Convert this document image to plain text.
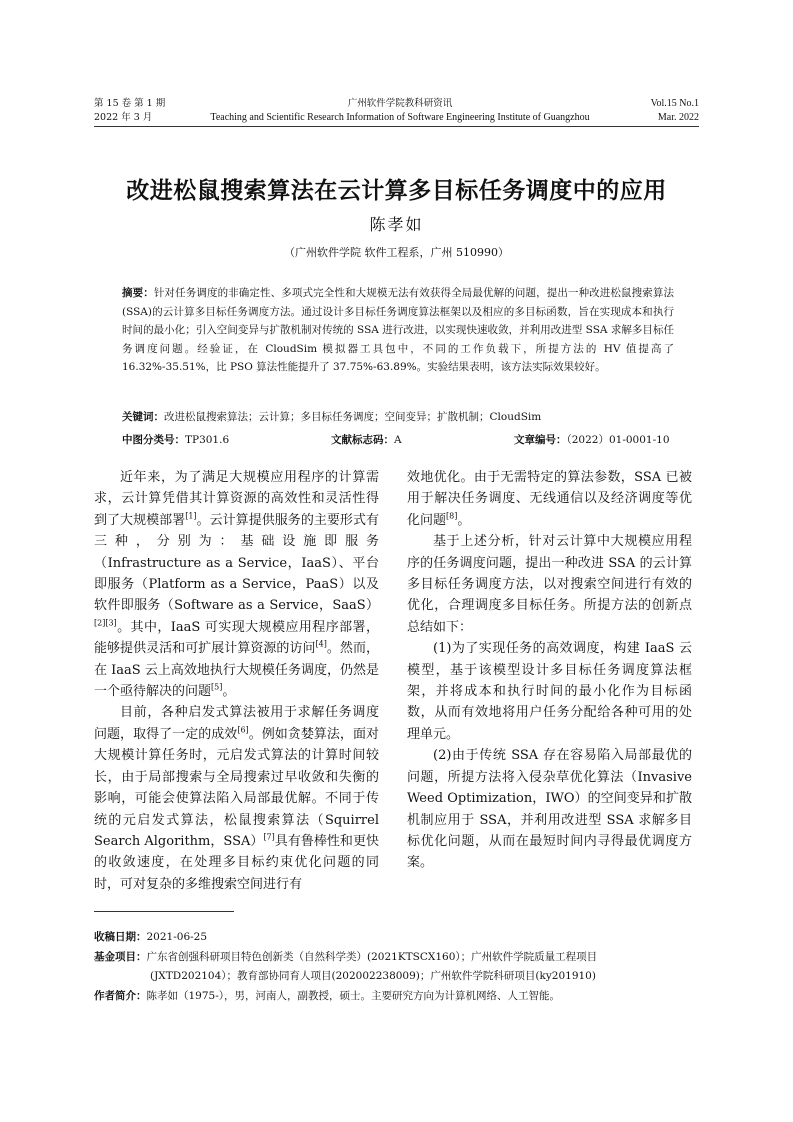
第 15 卷 第 1 期
2022 年 3 月
广州软件学院教科研资讯
Teaching and Scientific Research Information of Software Engineering Institute of Guangzhou
Vol.15 No.1
Mar. 2022
改进松鼠搜索算法在云计算多目标任务调度中的应用
陈孝如
（广州软件学院 软件工程系，广州 510990）
摘要：针对任务调度的非确定性、多项式完全性和大规模无法有效获得全局最优解的问题，提出一种改进松鼠搜索算法(SSA)的云计算多目标任务调度方法。通过设计多目标任务调度算法框架以及相应的多目标函数，旨在实现成本和执行时间的最小化；引入空间变异与扩散机制对传统的 SSA 进行改进，以实现快速收敛，并利用改进型 SSA 求解多目标任务调度问题。经验证，在 CloudSim 模拟器工具包中，不同的工作负载下，所提方法的 HV 值提高了 16.32%-35.51%，比 PSO 算法性能提升了 37.75%-63.89%。实验结果表明，该方法实际效果较好。
关键词：改进松鼠搜索算法；云计算；多目标任务调度；空间变异；扩散机制；CloudSim
中图分类号：TP301.6	文献标志码：A	文章编号：（2022）01-0001-10

近年来，为了满足大规模应用程序的计算需求，云计算凭借其计算资源的高效性和灵活性得到了大规模部署[1]。云计算提供服务的主要形式有三种，分别为：基础设施即服务（Infrastructure as a Service，IaaS）、平台即服务（Platform as a Service，PaaS）以及软件即服务（Software as a Service，SaaS）[2][3]。其中，IaaS 可实现大规模应用程序部署，能够提供灵活和可扩展计算资源的访问[4]。然而，在 IaaS 云上高效地执行大规模任务调度，仍然是一个亟待解决的问题[5]。

目前，各种启发式算法被用于求解任务调度问题，取得了一定的成效[6]。例如贪婪算法，面对大规模计算任务时，元启发式算法的计算时间较长，由于局部搜索与全局搜索过早收敛和失衡的影响，可能会使算法陷入局部最优解。不同于传统的元启发式算法，松鼠搜索算法（Squirrel Search Algorithm，SSA）[7]具有鲁棒性和更快的收敛速度，在处理多目标约束优化问题的同时，可对复杂的多维搜索空间进行有

效地优化。由于无需特定的算法参数，SSA 已被用于解决任务调度、无线通信以及经济调度等优化问题[8]。

基于上述分析，针对云计算中大规模应用程序的任务调度问题，提出一种改进 SSA 的云计算多目标任务调度方法，以对搜索空间进行有效的优化，合理调度多目标任务。所提方法的创新点总结如下：

(1)为了实现任务的高效调度，构建 IaaS 云模型，基于该模型设计多目标任务调度算法框架，并将成本和执行时间的最小化作为目标函数，从而有效地将用户任务分配给各种可用的处理单元。

(2)由于传统 SSA 存在容易陷入局部最优的问题，所提方法将入侵杂草优化算法（Invasive Weed Optimization，IWO）的空间变异和扩散机制应用于 SSA，并利用改进型 SSA 求解多目标优化问题，从而在最短时间内寻得最优调度方案。

收稿日期：2021-06-25
基金项目：广东省创强科研项目特色创新类（自然科学类）(2021KTSCX160）；广州软件学院质量工程项目
(JXTD202104）；教育部协同育人项目(202002238009)；广州软件学院科研项目(ky201910)
作者简介：陈孝如（1975-），男，河南人，副教授，硕士。主要研究方向为计算机网络、人工智能。
